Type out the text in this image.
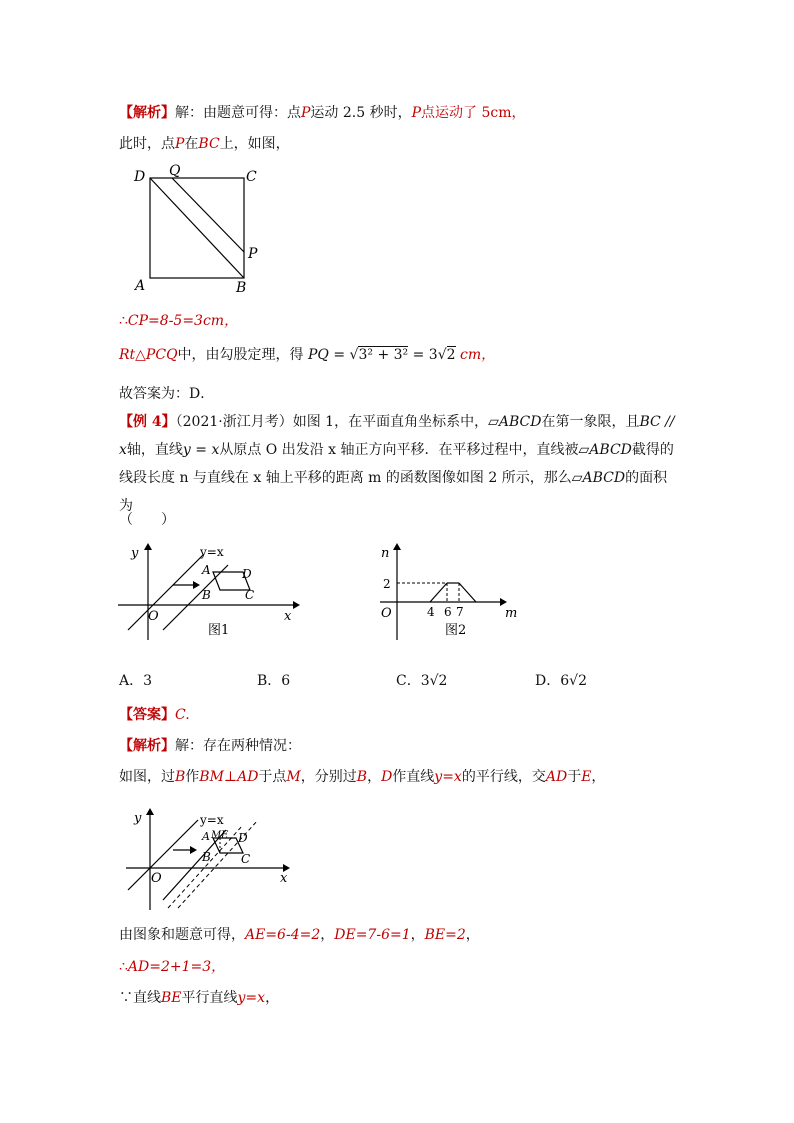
【解析】解：由题意可得：点P运动 2.5 秒时，P点运动了 5cm，
此时，点P在BC上，如图，
D Q	C
P
A	B
∴CP=8-5=3cm，
Rt△PCQ中，由勾股定理，得 PQ = √3² + 3² = 3√2 cm，
故答案为：D．
【例 4】（2021·浙江月考）如图 1，在平面直角坐标系中，▱ABCD在第一象限，且BC // x轴，直线y = x从原点 O 出发沿 x 轴正方向平移．在平移过程中，直线被▱ABCD截得的线段长度 n 与直线在 x 轴上平移的距离 m 的函数图像如图 2 所示，那么▱ABCD的面积为
（　　）
y
x
O
y=x
A	D
B	C
图1
n
m
O
2
4 6 7
图2
A．3	B．6	C．3√2	D．6√2
【答案】C.
【解析】解：存在两种情况：
如图，过B作BM⊥AD于点M，分别过B，D作直线y=x的平行线，交AD于E，
y
x
O
y=x
A M E D
B	C
由图象和题意可得，AE=6-4=2，DE=7-6=1，BE=2，
∴AD=2+1=3，
∵直线BE平行直线y=x，
